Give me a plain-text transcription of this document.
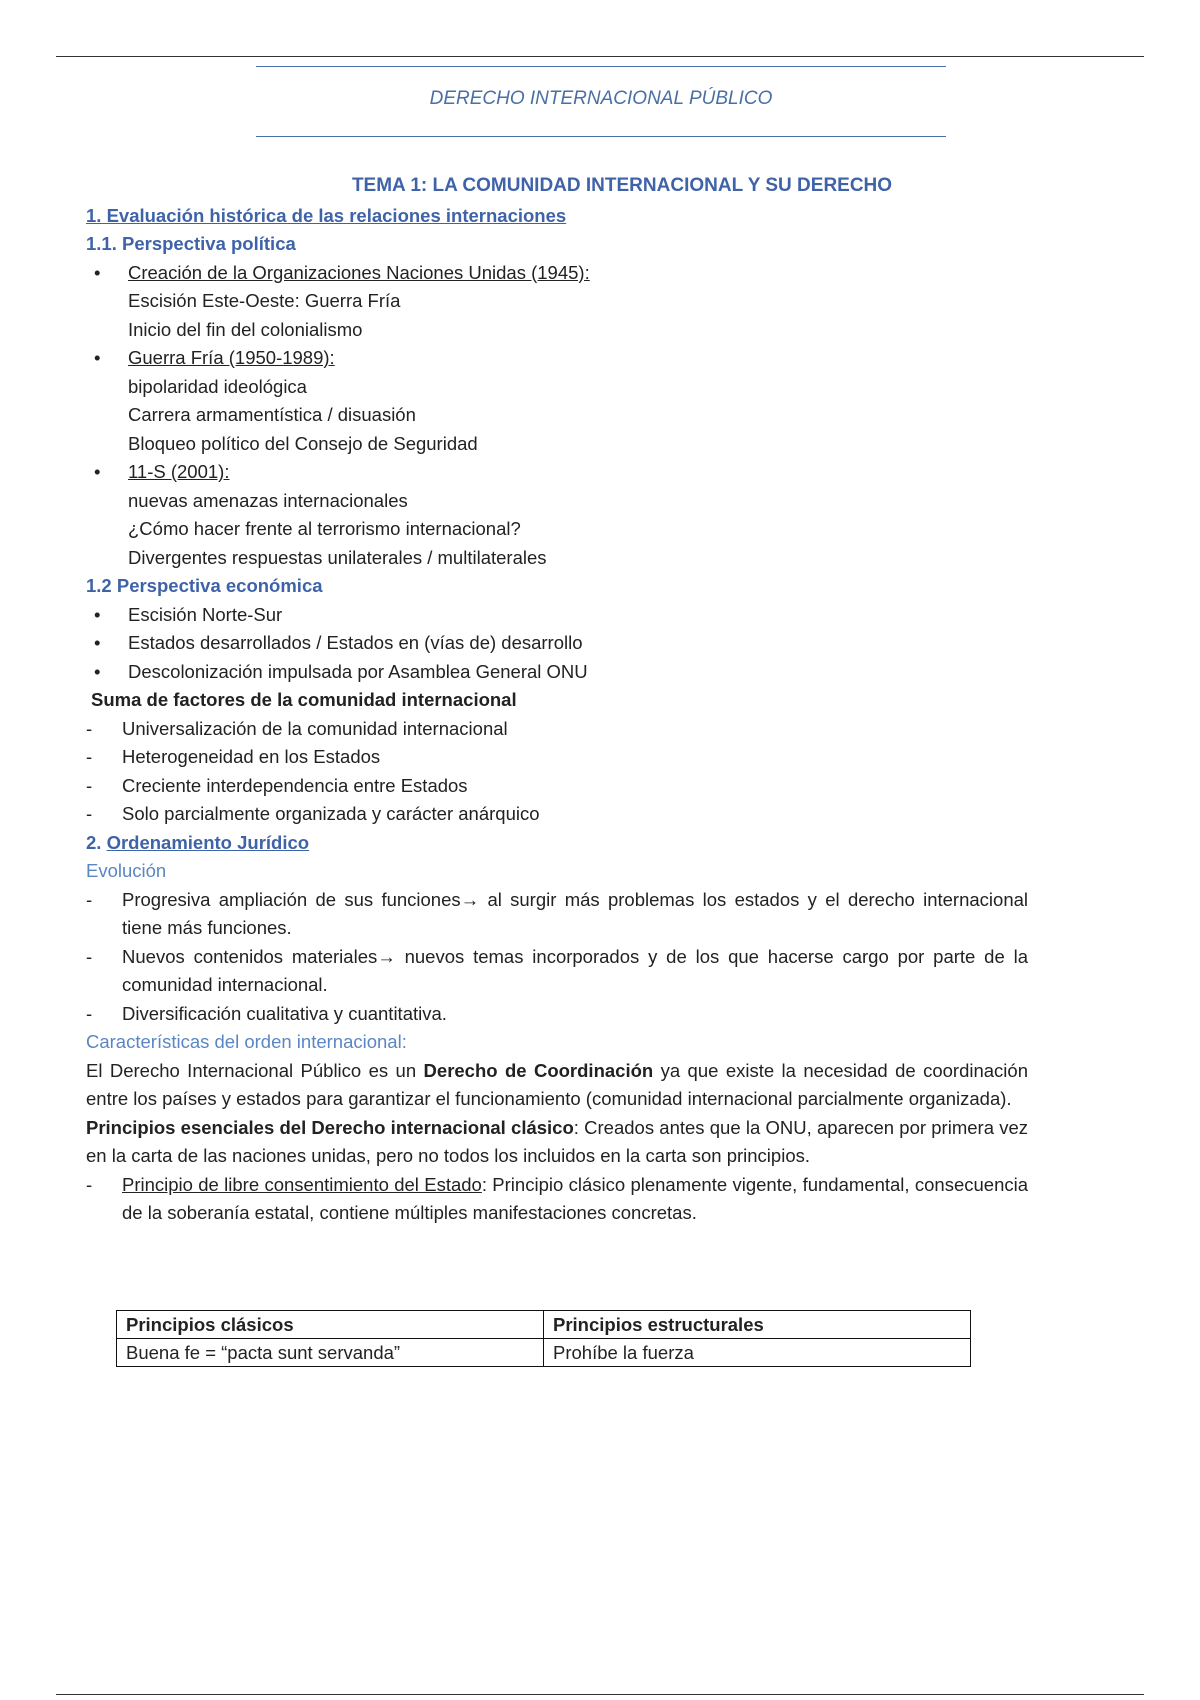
DERECHO INTERNACIONAL PÚBLICO
TEMA 1: LA COMUNIDAD INTERNACIONAL Y SU DERECHO
1. Evaluación histórica de las relaciones internaciones
1.1. Perspectiva política
• Creación de la Organizaciones Naciones Unidas (1945):
Escisión Este-Oeste: Guerra Fría
Inicio del fin del colonialismo
• Guerra Fría (1950-1989):
bipolaridad ideológica
Carrera armamentística / disuasión
Bloqueo político del Consejo de Seguridad
• 11-S (2001):
nuevas amenazas internacionales
¿Cómo hacer frente al terrorismo internacional?
Divergentes respuestas unilaterales / multilaterales
1.2 Perspectiva económica
• Escisión Norte-Sur
• Estados desarrollados / Estados en (vías de) desarrollo
• Descolonización impulsada por Asamblea General ONU
Suma de factores de la comunidad internacional
- Universalización de la comunidad internacional
- Heterogeneidad en los Estados
- Creciente interdependencia entre Estados
- Solo parcialmente organizada y carácter anárquico
2. Ordenamiento Jurídico
Evolución
- Progresiva ampliación de sus funciones→ al surgir más problemas los estados y el derecho internacional tiene más funciones.
- Nuevos contenidos materiales→ nuevos temas incorporados y de los que hacerse cargo por parte de la comunidad internacional.
- Diversificación cualitativa y cuantitativa.
Características del orden internacional:
El Derecho Internacional Público es un Derecho de Coordinación ya que existe la necesidad de coordinación entre los países y estados para garantizar el funcionamiento (comunidad internacional parcialmente organizada).
Principios esenciales del Derecho internacional clásico: Creados antes que la ONU, aparecen por primera vez en la carta de las naciones unidas, pero no todos los incluidos en la carta son principios.
- Principio de libre consentimiento del Estado: Principio clásico plenamente vigente, fundamental, consecuencia de la soberanía estatal, contiene múltiples manifestaciones concretas.
Principios clásicos	Principios estructurales
Buena fe = “pacta sunt servanda”	Prohíbe la fuerza
